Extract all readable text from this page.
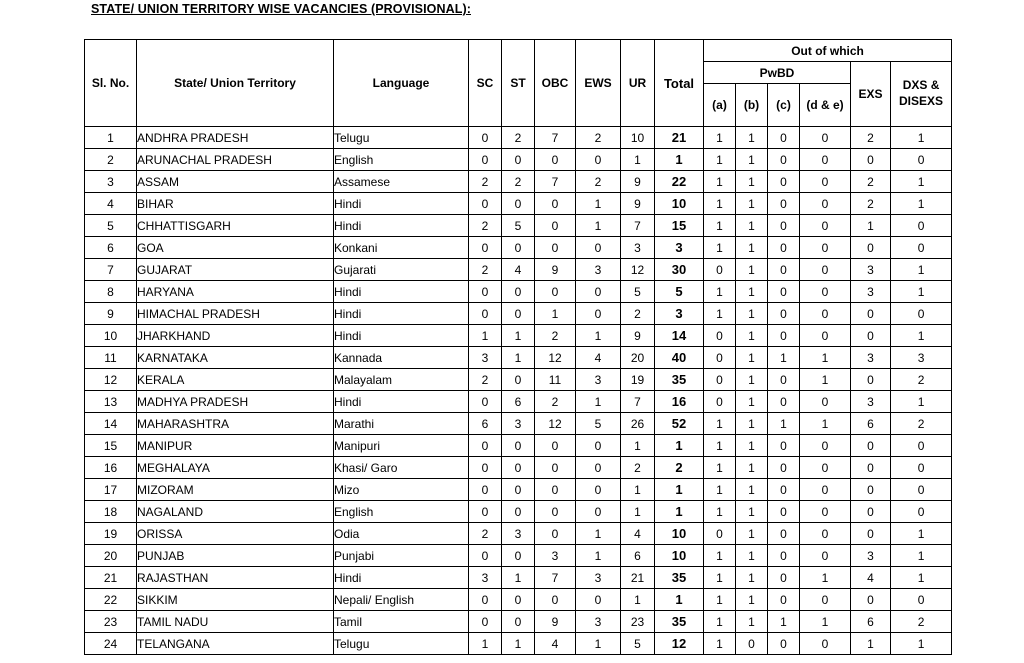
STATE/ UNION TERRITORY WISE VACANCIES (PROVISIONAL):
Sl. No.	State/ Union Territory	Language	SC	ST	OBC	EWS	UR	Total	Out of which					
									PwBD				EXS	DXS &
DISEXS
									(a)	(b)	(c)	(d & e)		
1	ANDHRA PRADESH	Telugu	0	2	7	2	10	21	1	1	0	0	2	1
2	ARUNACHAL PRADESH	English	0	0	0	0	1	1	1	1	0	0	0	0
3	ASSAM	Assamese	2	2	7	2	9	22	1	1	0	0	2	1
4	BIHAR	Hindi	0	0	0	1	9	10	1	1	0	0	2	1
5	CHHATTISGARH	Hindi	2	5	0	1	7	15	1	1	0	0	1	0
6	GOA	Konkani	0	0	0	0	3	3	1	1	0	0	0	0
7	GUJARAT	Gujarati	2	4	9	3	12	30	0	1	0	0	3	1
8	HARYANA	Hindi	0	0	0	0	5	5	1	1	0	0	3	1
9	HIMACHAL PRADESH	Hindi	0	0	1	0	2	3	1	1	0	0	0	0
10	JHARKHAND	Hindi	1	1	2	1	9	14	0	1	0	0	0	1
11	KARNATAKA	Kannada	3	1	12	4	20	40	0	1	1	1	3	3
12	KERALA	Malayalam	2	0	11	3	19	35	0	1	0	1	0	2
13	MADHYA PRADESH	Hindi	0	6	2	1	7	16	0	1	0	0	3	1
14	MAHARASHTRA	Marathi	6	3	12	5	26	52	1	1	1	1	6	2
15	MANIPUR	Manipuri	0	0	0	0	1	1	1	1	0	0	0	0
16	MEGHALAYA	Khasi/ Garo	0	0	0	0	2	2	1	1	0	0	0	0
17	MIZORAM	Mizo	0	0	0	0	1	1	1	1	0	0	0	0
18	NAGALAND	English	0	0	0	0	1	1	1	1	0	0	0	0
19	ORISSA	Odia	2	3	0	1	4	10	0	1	0	0	0	1
20	PUNJAB	Punjabi	0	0	3	1	6	10	1	1	0	0	3	1
21	RAJASTHAN	Hindi	3	1	7	3	21	35	1	1	0	1	4	1
22	SIKKIM	Nepali/ English	0	0	0	0	1	1	1	1	0	0	0	0
23	TAMIL NADU	Tamil	0	0	9	3	23	35	1	1	1	1	6	2
24	TELANGANA	Telugu	1	1	4	1	5	12	1	0	0	0	1	1
